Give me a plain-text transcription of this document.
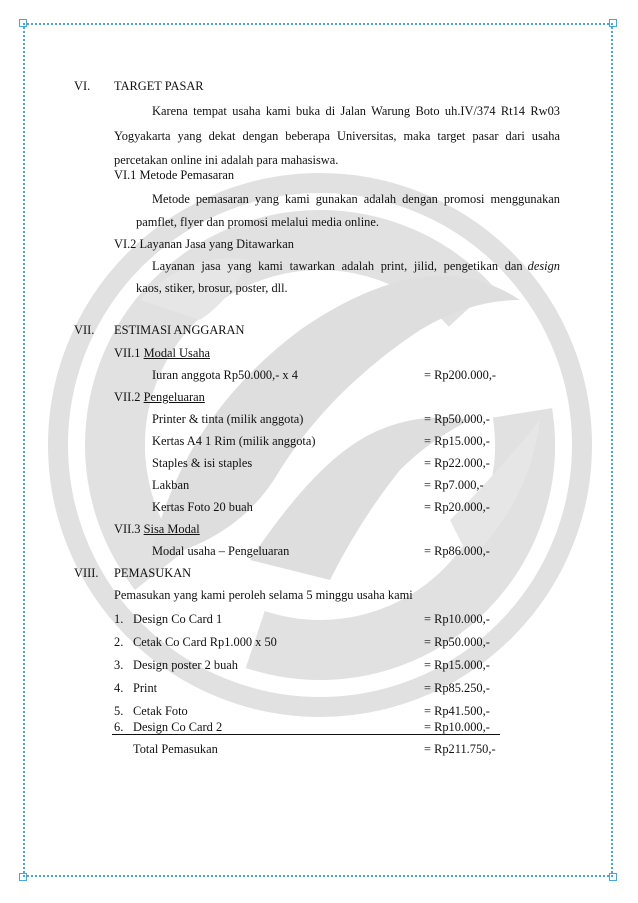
VI. TARGET PASAR
Karena tempat usaha kami buka di Jalan Warung Boto uh.IV/374 Rt14 Rw03
Yogyakarta yang dekat dengan beberapa Universitas, maka target pasar dari usaha
percetakan online ini adalah para mahasiswa.
VI.1 Metode Pemasaran
Metode pemasaran yang kami gunakan adalah dengan promosi menggunakan
pamflet, flyer dan promosi melalui media online.
VI.2 Layanan Jasa yang Ditawarkan
Layanan jasa yang kami tawarkan adalah print, jilid, pengetikan dan design
kaos, stiker, brosur, poster, dll.
VII. ESTIMASI ANGGARAN
VII.1 Modal Usaha
Iuran anggota Rp50.000,- x 4	= Rp200.000,-
VII.2 Pengeluaran
Printer & tinta (milik anggota)	= Rp50.000,-
Kertas A4 1 Rim (milik anggota)	= Rp15.000,-
Staples & isi staples	= Rp22.000,-
Lakban	= Rp7.000,-
Kertas Foto 20 buah	= Rp20.000,-
VII.3 Sisa Modal
Modal usaha – Pengeluaran	= Rp86.000,-
VIII. PEMASUKAN
Pemasukan yang kami peroleh selama 5 minggu usaha kami
1. Design Co Card 1	= Rp10.000,-
2. Cetak Co Card Rp1.000 x 50	= Rp50.000,-
3. Design poster 2 buah	= Rp15.000,-
4. Print	= Rp85.250,-
5. Cetak Foto	= Rp41.500,-
6. Design Co Card 2	= Rp10.000,-
Total Pemasukan	= Rp211.750,-
